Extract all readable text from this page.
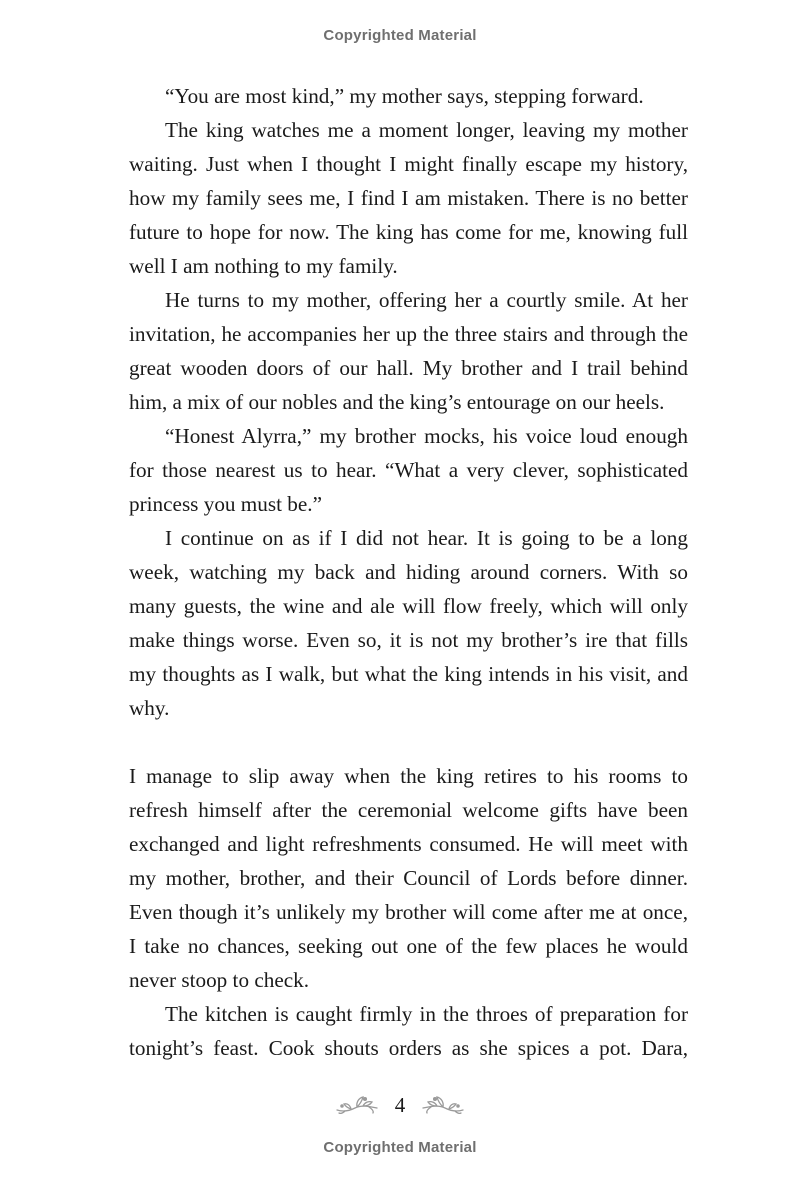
Copyrighted Material

“You are most kind,” my mother says, stepping forward.

The king watches me a moment longer, leaving my mother waiting. Just when I thought I might finally escape my history, how my family sees me, I find I am mistaken. There is no better future to hope for now. The king has come for me, knowing full well I am nothing to my family.

He turns to my mother, offering her a courtly smile. At her invitation, he accompanies her up the three stairs and through the great wooden doors of our hall. My brother and I trail behind him, a mix of our nobles and the king’s entourage on our heels.

“Honest Alyrra,” my brother mocks, his voice loud enough for those nearest us to hear. “What a very clever, sophisticated princess you must be.”

I continue on as if I did not hear. It is going to be a long week, watching my back and hiding around corners. With so many guests, the wine and ale will flow freely, which will only make things worse. Even so, it is not my brother’s ire that fills my thoughts as I walk, but what the king intends in his visit, and why.

I manage to slip away when the king retires to his rooms to refresh himself after the ceremonial welcome gifts have been exchanged and light refreshments consumed. He will meet with my mother, brother, and their Council of Lords before dinner. Even though it’s unlikely my brother will come after me at once, I take no chances, seeking out one of the few places he would never stoop to check.

The kitchen is caught firmly in the throes of preparation for tonight’s feast. Cook shouts orders as she spices a pot. Dara,

4
Copyrighted Material
